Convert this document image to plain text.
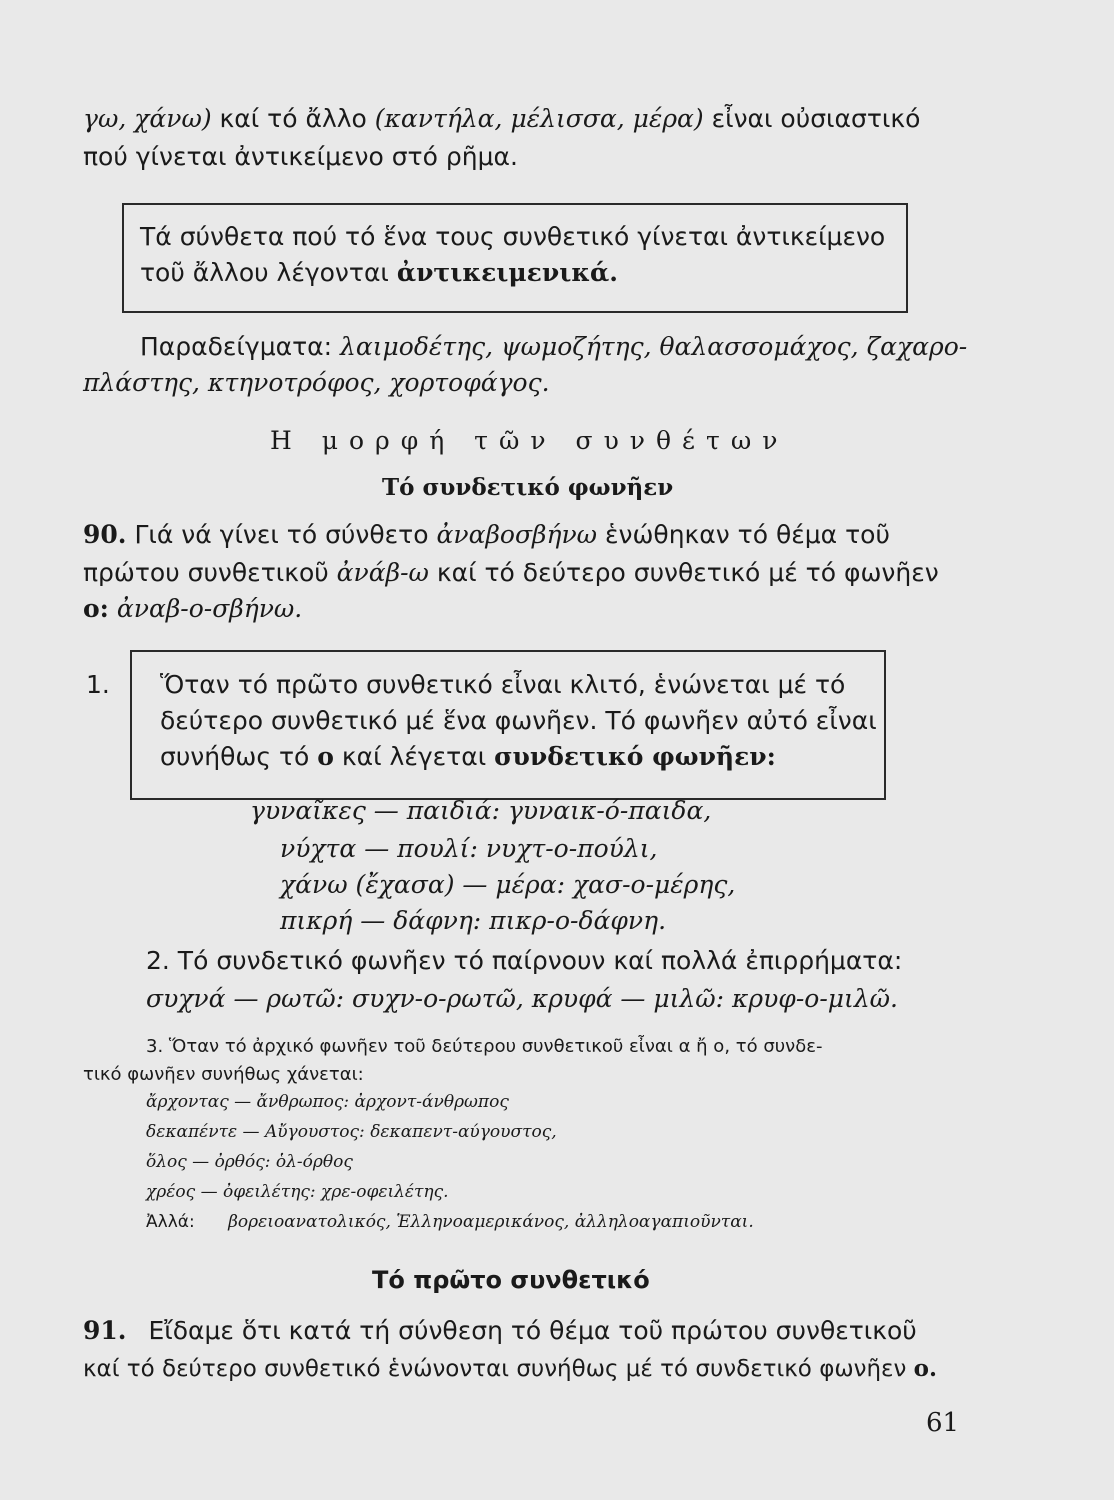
γω, χάνω) καί τό ἄλλο (καντήλα, μέλισσα, μέρα) εἶναι οὐσιαστικό
πού γίνεται ἀντικείμενο στό ρῆμα.
Τά σύνθετα πού τό ἕνα τους συνθετικό γίνεται ἀντικείμενο
τοῦ ἄλλου λέγονται ἀντικειμενικά.
Παραδείγματα: λαιμοδέτης, ψωμοζήτης, θαλασσομάχος, ζαχαρο-
πλάστης, κτηνοτρόφος, χορτοφάγος.
Η μορφή τῶν συνθέτων
Τό συνδετικό φωνῆεν
90. Γιά νά γίνει τό σύνθετο ἀναβοσβήνω ἑνώθηκαν τό θέμα τοῦ
πρώτου συνθετικοῦ ἀνάβ-ω καί τό δεύτερο συνθετικό μέ τό φωνῆεν
ο: ἀναβ-ο-σβήνω.
1. Ὅταν τό πρῶτο συνθετικό εἶναι κλιτό, ἑνώνεται μέ τό
δεύτερο συνθετικό μέ ἕνα φωνῆεν. Τό φωνῆεν αὐτό εἶναι
συνήθως τό ο καί λέγεται συνδετικό φωνῆεν:
γυναῖκες — παιδιά: γυναικ-ό-παιδα,
νύχτα — πουλί: νυχτ-ο-πούλι,
χάνω (ἔχασα) — μέρα: χασ-ο-μέρης,
πικρή — δάφνη: πικρ-ο-δάφνη.
2. Τό συνδετικό φωνῆεν τό παίρνουν καί πολλά ἐπιρρήματα:
συχνά — ρωτῶ: συχν-ο-ρωτῶ, κρυφά — μιλῶ: κρυφ-ο-μιλῶ.
3. Ὅταν τό ἀρχικό φωνῆεν τοῦ δεύτερου συνθετικοῦ εἶναι α ἤ ο, τό συνδε-
τικό φωνῆεν συνήθως χάνεται:
ἄρχοντας — ἄνθρωπος: ἀρχοντ-άνθρωπος
δεκαπέντε — Αὔγουστος: δεκαπεντ-αύγουστος,
ὅλος — ὀρθός: ὁλ-όρθος
χρέος — ὀφειλέτης: χρε-οφειλέτης.
Ἀλλά: βορειοανατολικός, Ἑλληνοαμερικάνος, ἀλληλοαγαπιοῦνται.
Τό πρῶτο συνθετικό
91. Εἴδαμε ὅτι κατά τή σύνθεση τό θέμα τοῦ πρώτου συνθετικοῦ
καί τό δεύτερο συνθετικό ἑνώνονται συνήθως μέ τό συνδετικό φωνῆεν ο.
61
